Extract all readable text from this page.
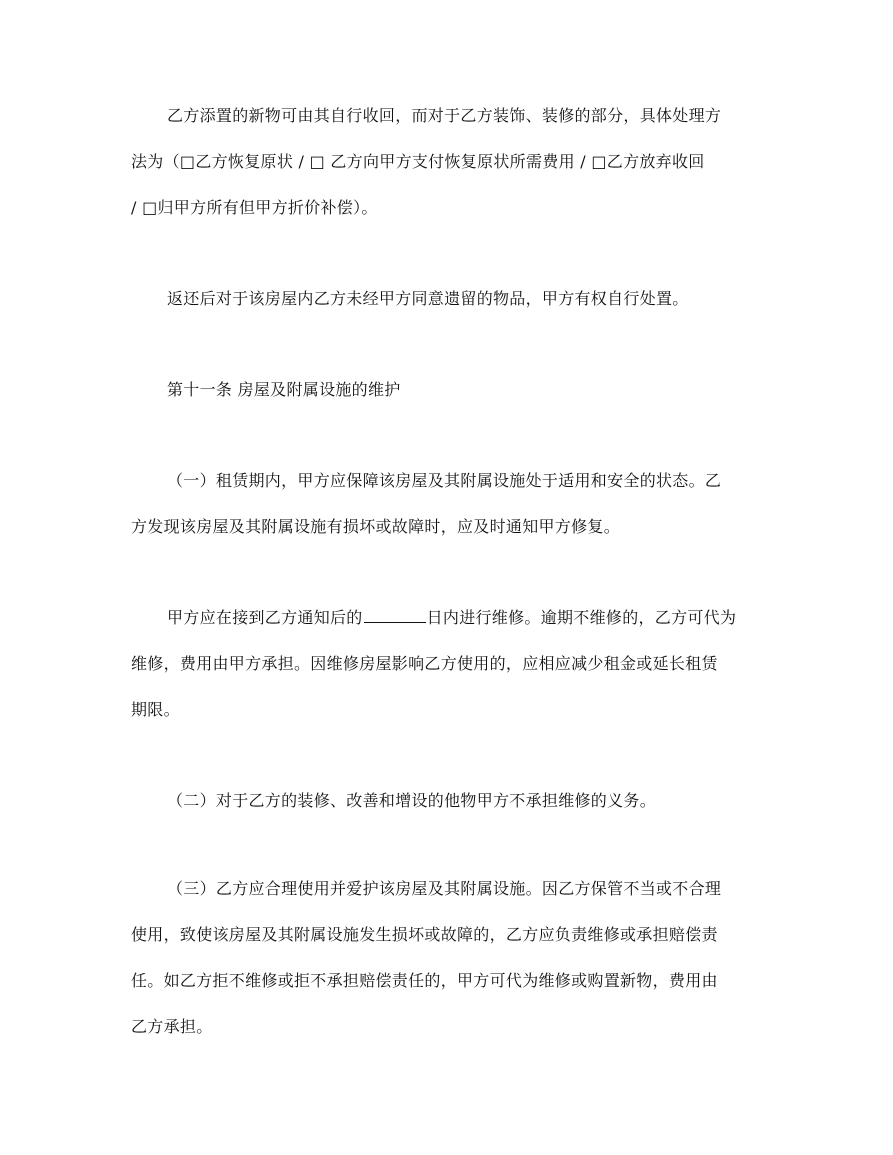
乙方添置的新物可由其自行收回，而对于乙方装饰、装修的部分，具体处理方
法为（□乙方恢复原状 / □ 乙方向甲方支付恢复原状所需费用 / □乙方放弃收回
/ □归甲方所有但甲方折价补偿）。
返还后对于该房屋内乙方未经甲方同意遗留的物品，甲方有权自行处置。
第十一条 房屋及附属设施的维护
（一）租赁期内，甲方应保障该房屋及其附属设施处于适用和安全的状态。乙
方发现该房屋及其附属设施有损坏或故障时，应及时通知甲方修复。
甲方应在接到乙方通知后的	日内进行维修。逾期不维修的，乙方可代为
维修，费用由甲方承担。因维修房屋影响乙方使用的，应相应减少租金或延长租赁
期限。
（二）对于乙方的装修、改善和增设的他物甲方不承担维修的义务。
（三）乙方应合理使用并爱护该房屋及其附属设施。因乙方保管不当或不合理
使用，致使该房屋及其附属设施发生损坏或故障的，乙方应负责维修或承担赔偿责
任。如乙方拒不维修或拒不承担赔偿责任的，甲方可代为维修或购置新物，费用由
乙方承担。
